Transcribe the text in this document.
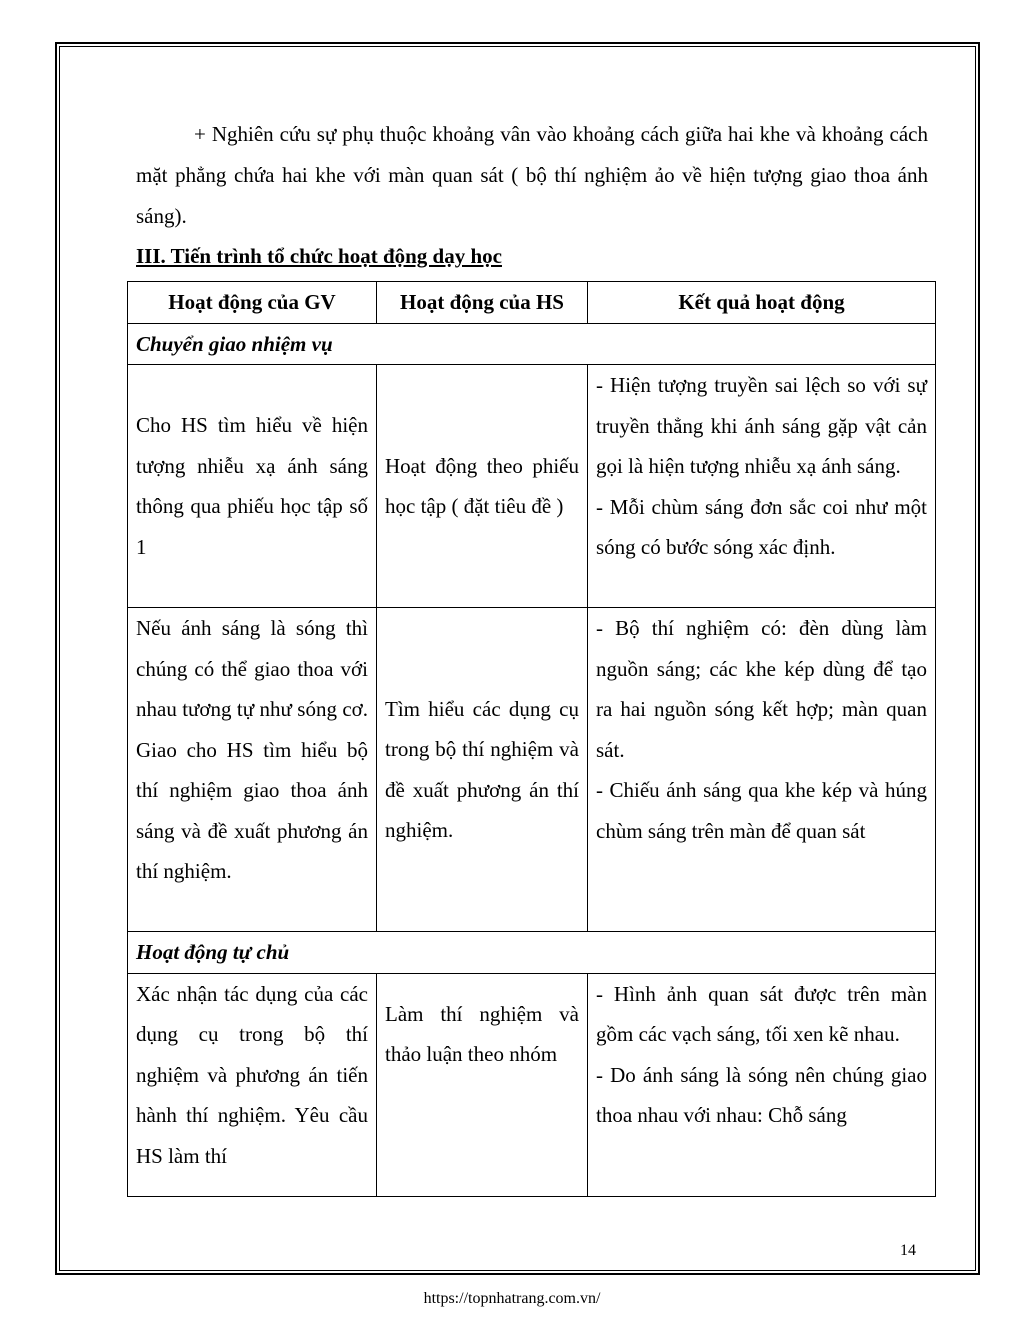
+ Nghiên cứu sự phụ thuộc khoảng vân vào khoảng cách giữa hai khe và khoảng cách mặt phẳng chứa hai khe với màn quan sát ( bộ thí nghiệm ảo về hiện tượng giao thoa ánh sáng).

III. Tiến trình tổ chức hoạt động dạy học
Hoạt động của GV	Hoạt động của HS	Kết quả hoạt động
Chuyển giao nhiệm vụ		
Cho HS tìm hiểu về hiện tượng nhiễu xạ ánh sáng thông qua phiếu học tập số 1	Hoạt động theo phiếu học tập ( đặt tiêu đề )	- Hiện tượng truyền sai lệch so với sự truyền thẳng khi ánh sáng gặp vật cản gọi là hiện tượng nhiễu xạ ánh sáng.
- Mỗi chùm sáng đơn sắc coi như một sóng có bước sóng xác định.

Nếu ánh sáng là sóng thì chúng có thể giao thoa với nhau tương tự như sóng cơ. Giao cho HS tìm hiểu bộ thí nghiệm giao thoa ánh sáng và đề xuất phương án thí nghiệm.	Tìm hiểu các dụng cụ trong bộ thí nghiệm và đề xuất phương án thí nghiệm.	- Bộ thí nghiệm có: đèn dùng làm nguồn sáng; các khe kép dùng để tạo ra hai nguồn sóng kết hợp; màn quan sát.
- Chiếu ánh sáng qua khe kép và húng chùm sáng trên màn để quan sát

Hoạt động tự chủ		
Xác nhận tác dụng của các dụng cụ trong bộ thí nghiệm và phương án tiến hành thí nghiệm. Yêu cầu HS làm thí	Làm thí nghiệm và thảo luận theo nhóm	- Hình ảnh quan sát được trên màn gồm các vạch sáng, tối xen kẽ nhau.
- Do ánh sáng là sóng nên chúng giao thoa nhau với nhau: Chỗ sáng
14
https://topnhatrang.com.vn/
